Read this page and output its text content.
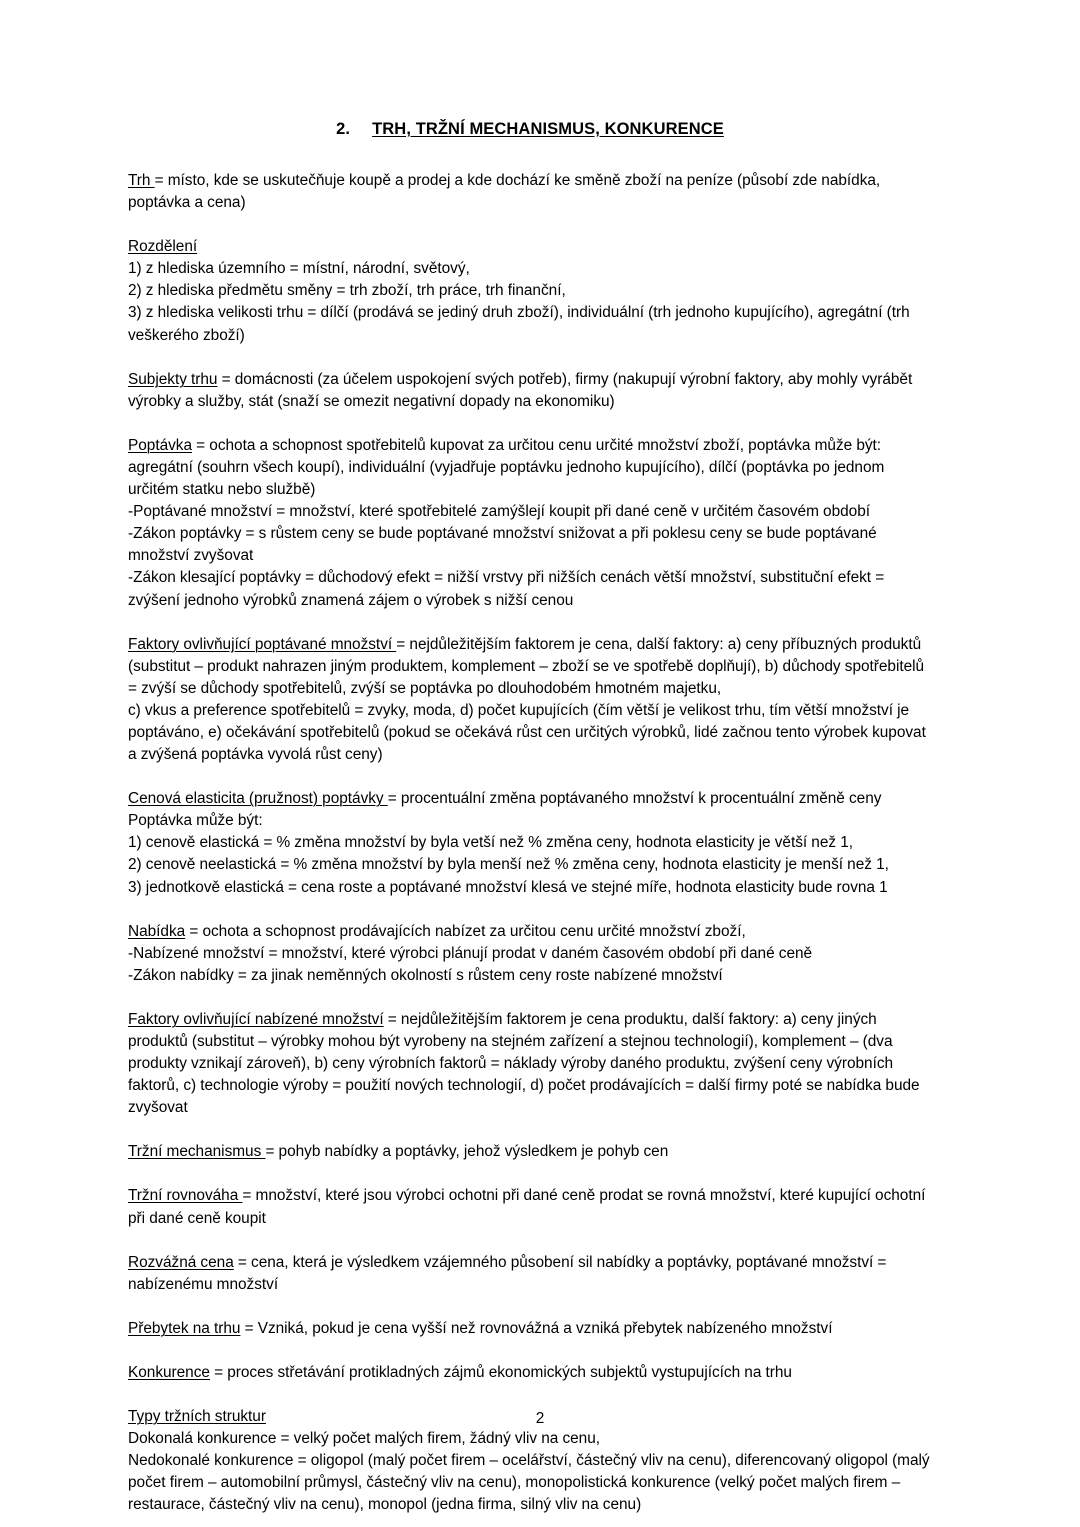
2. TRH, TRŽNÍ MECHANISMUS, KONKURENCE

Trh = místo, kde se uskutečňuje koupě a prodej a kde dochází ke směně zboží na peníze (působí zde nabídka, poptávka a cena)

Rozdělení
1) z hlediska územního = místní, národní, světový,
2) z hlediska předmětu směny = trh zboží, trh práce, trh finanční,
3) z hlediska velikosti trhu = dílčí (prodává se jediný druh zboží), individuální (trh jednoho kupujícího), agregátní (trh veškerého zboží)

Subjekty trhu = domácnosti (za účelem uspokojení svých potřeb), firmy (nakupují výrobní faktory, aby mohly vyrábět výrobky a služby, stát (snaží se omezit negativní dopady na ekonomiku)

Poptávka = ochota a schopnost spotřebitelů kupovat za určitou cenu určité množství zboží, poptávka může být: agregátní (souhrn všech koupí), individuální (vyjadřuje poptávku jednoho kupujícího), dílčí (poptávka po jednom určitém statku nebo službě)
-Poptávané množství = množství, které spotřebitelé zamýšlejí koupit při dané ceně v určitém časovém období
-Zákon poptávky = s růstem ceny se bude poptávané množství snižovat a při poklesu ceny se bude poptávané množství zvyšovat
-Zákon klesající poptávky = důchodový efekt = nižší vrstvy při nižších cenách větší množství, substituční efekt = zvýšení jednoho výrobků znamená zájem o výrobek s nižší cenou

Faktory ovlivňující poptávané množství = nejdůležitějším faktorem je cena, další faktory: a) ceny příbuzných produktů (substitut – produkt nahrazen jiným produktem, komplement – zboží se ve spotřebě doplňují), b) důchody spotřebitelů = zvýší se důchody spotřebitelů, zvýší se poptávka po dlouhodobém hmotném majetku,
c) vkus a preference spotřebitelů = zvyky, moda, d) počet kupujících (čím větší je velikost trhu, tím větší množství je poptáváno, e) očekávání spotřebitelů (pokud se očekává růst cen určitých výrobků, lidé začnou tento výrobek kupovat a zvýšená poptávka vyvolá růst ceny)

Cenová elasticita (pružnost) poptávky = procentuální změna poptávaného množství k procentuální změně ceny
Poptávka může být:
1) cenově elastická = % změna množství by byla vetší než % změna ceny, hodnota elasticity je větší než 1,
2) cenově neelastická = % změna množství by byla menší než % změna ceny, hodnota elasticity je menší než 1,
3) jednotkově elastická = cena roste a poptávané množství klesá ve stejné míře, hodnota elasticity bude rovna 1

Nabídka = ochota a schopnost prodávajících nabízet za určitou cenu určité množství zboží,
-Nabízené množství = množství, které výrobci plánují prodat v daném časovém období při dané ceně
-Zákon nabídky = za jinak neměnných okolností s růstem ceny roste nabízené množství

Faktory ovlivňující nabízené množství = nejdůležitějším faktorem je cena produktu, další faktory: a) ceny jiných produktů (substitut – výrobky mohou být vyrobeny na stejném zařízení a stejnou technologií), komplement – (dva produkty vznikají zároveň), b) ceny výrobních faktorů = náklady výroby daného produktu, zvýšení ceny výrobních faktorů, c) technologie výroby = použití nových technologií, d) počet prodávajících = další firmy poté se nabídka bude zvyšovat

Tržní mechanismus = pohyb nabídky a poptávky, jehož výsledkem je pohyb cen

Tržní rovnováha = množství, které jsou výrobci ochotni při dané ceně prodat se rovná množství, které kupující ochotní při dané ceně koupit

Rozvážná cena = cena, která je výsledkem vzájemného působení sil nabídky a poptávky, poptávané množství = nabízenému množství

Přebytek na trhu = Vzniká, pokud je cena vyšší než rovnovážná a vzniká přebytek nabízeného množství

Konkurence = proces střetávání protikladných zájmů ekonomických subjektů vystupujících na trhu

Typy tržních struktur
Dokonalá konkurence = velký počet malých firem, žádný vliv na cenu,
Nedokonalé konkurence = oligopol (malý počet firem – ocelářství, částečný vliv na cenu), diferencovaný oligopol (malý počet firem – automobilní průmysl, částečný vliv na cenu), monopolistická konkurence (velký počet malých firem – restaurace, částečný vliv na cenu), monopol (jedna firma, silný vliv na cenu)

2
